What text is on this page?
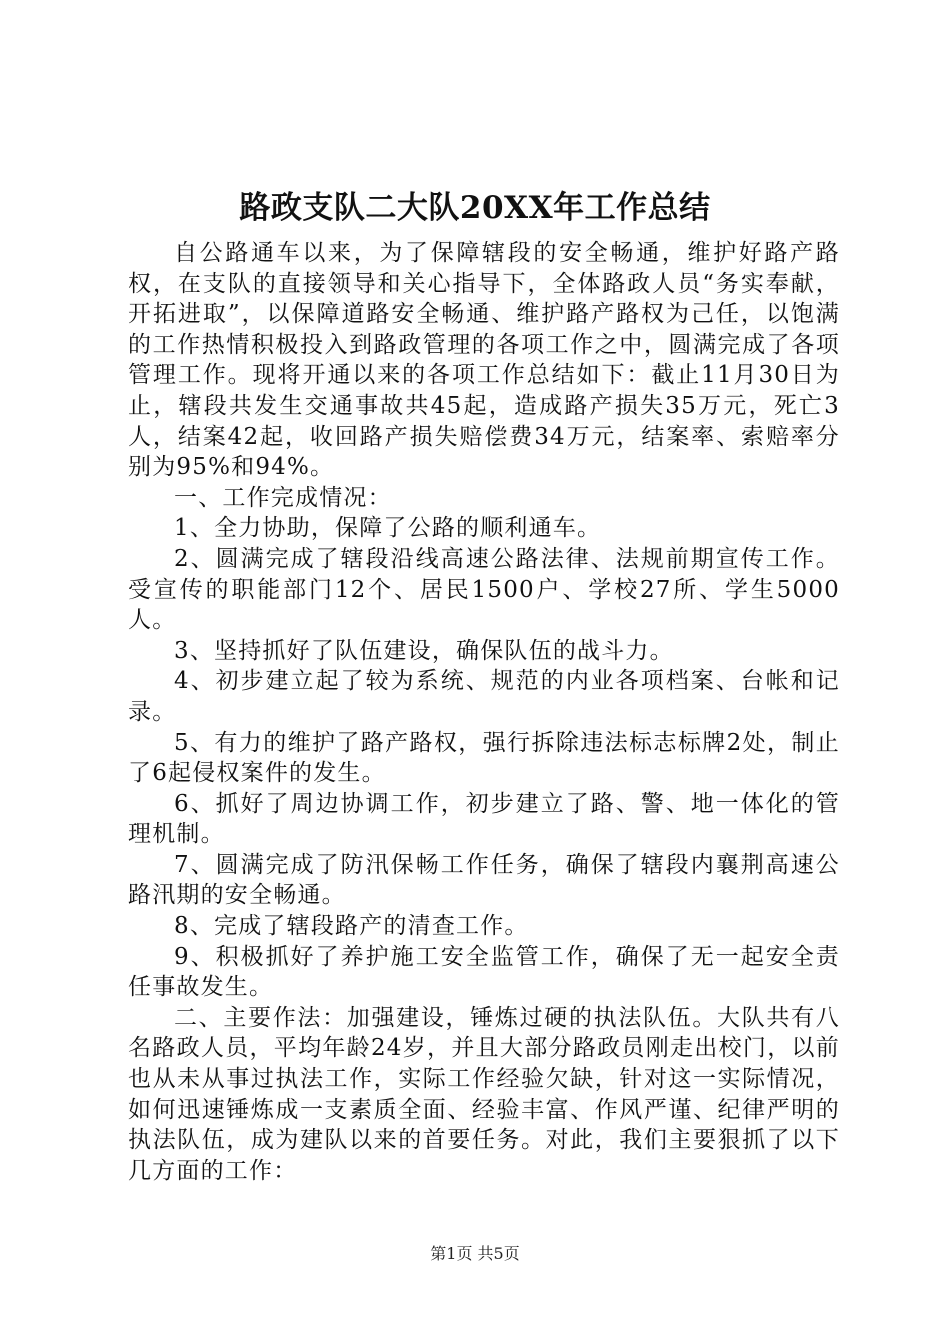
路政支队二大队20XX年工作总结

自公路通车以来，为了保障辖段的安全畅通，维护好路产路权，在支队的直接领导和关心指导下，全体路政人员“务实奉献，开拓进取”，以保障道路安全畅通、维护路产路权为己任，以饱满的工作热情积极投入到路政管理的各项工作之中，圆满完成了各项管理工作。现将开通以来的各项工作总结如下：截止11月30日为止，辖段共发生交通事故共45起，造成路产损失35万元，死亡3人，结案42起，收回路产损失赔偿费34万元，结案率、索赔率分别为95%和94%。

一、工作完成情况：

1、全力协助，保障了公路的顺利通车。

2、圆满完成了辖段沿线高速公路法律、法规前期宣传工作。受宣传的职能部门12个、居民1500户、学校27所、学生5000人。

3、坚持抓好了队伍建设，确保队伍的战斗力。

4、初步建立起了较为系统、规范的内业各项档案、台帐和记录。

5、有力的维护了路产路权，强行拆除违法标志标牌2处，制止了6起侵权案件的发生。

6、抓好了周边协调工作，初步建立了路、警、地一体化的管理机制。

7、圆满完成了防汛保畅工作任务，确保了辖段内襄荆高速公路汛期的安全畅通。

8、完成了辖段路产的清查工作。

9、积极抓好了养护施工安全监管工作，确保了无一起安全责任事故发生。

二、主要作法：加强建设，锤炼过硬的执法队伍。大队共有八名路政人员，平均年龄24岁，并且大部分路政员刚走出校门，以前也从未从事过执法工作，实际工作经验欠缺，针对这一实际情况，如何迅速锤炼成一支素质全面、经验丰富、作风严谨、纪律严明的执法队伍，成为建队以来的首要任务。对此，我们主要狠抓了以下几方面的工作：

第1页 共5页
